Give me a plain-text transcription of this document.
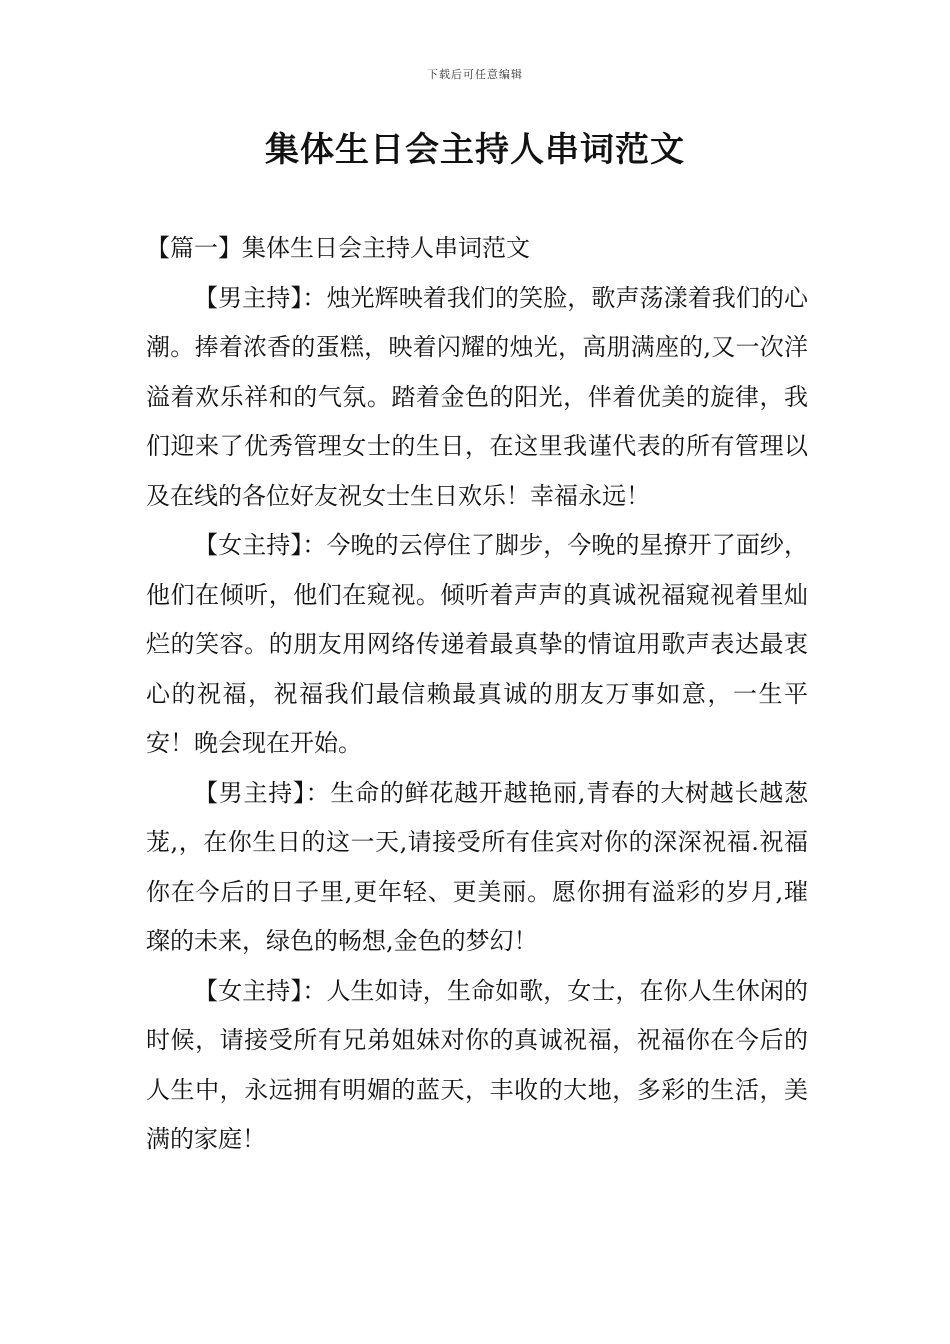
下载后可任意编辑
集体生日会主持人串词范文

【篇一】集体生日会主持人串词范文

【男主持】：烛光辉映着我们的笑脸，歌声荡漾着我们的心潮。捧着浓香的蛋糕，映着闪耀的烛光，高朋满座的,又一次洋溢着欢乐祥和的气氛。踏着金色的阳光，伴着优美的旋律，我们迎来了优秀管理女士的生日，在这里我谨代表的所有管理以及在线的各位好友祝女士生日欢乐！幸福永远！

【女主持】：今晚的云停住了脚步，今晚的星撩开了面纱，他们在倾听，他们在窥视。倾听着声声的真诚祝福窥视着里灿烂的笑容。的朋友用网络传递着最真挚的情谊用歌声表达最衷心的祝福，祝福我们最信赖最真诚的朋友万事如意，一生平安！晚会现在开始。

【男主持】：生命的鲜花越开越艳丽,青春的大树越长越葱茏,，在你生日的这一天,请接受所有佳宾对你的深深祝福.祝福你在今后的日子里,更年轻、更美丽。愿你拥有溢彩的岁月,璀璨的未来，绿色的畅想,金色的梦幻！

【女主持】：人生如诗，生命如歌，女士，在你人生休闲的时候，请接受所有兄弟姐妹对你的真诚祝福，祝福你在今后的人生中，永远拥有明媚的蓝天，丰收的大地，多彩的生活，美满的家庭！
